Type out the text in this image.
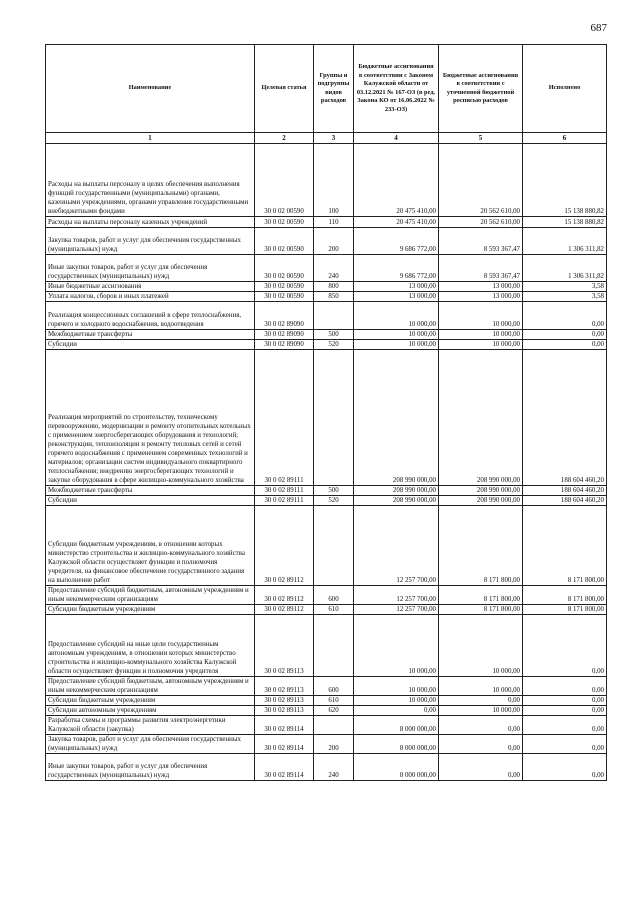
687
Наименование	Целевая статья	Группы и подгруппы видов расходов	Бюджетные ассигнования в соответствии с Законом Калужской области от 03.12.2021 № 167-ОЗ (в ред. Закона КО от 16.06.2022 № 233-ОЗ)	Бюджетные ассигнования в соответствии с уточненной бюджетной росписью расходов	Исполнено
1	2	3	4	5	6
Расходы на выплаты персоналу в целях обеспечения выполнения функций государственными (муниципальными) органами, казенными учреждениями, органами управления государственными внебюджетными фондами	30 0 02 00590	100	20 475 410,00	20 562 610,00	15 138 880,82
Расходы на выплаты персоналу казенных учреждений	30 0 02 00590	110	20 475 410,00	20 562 610,00	15 138 880,82
Закупка товаров, работ и услуг для обеспечения государственных (муниципальных) нужд	30 0 02 00590	200	9 686 772,00	8 593 367,47	1 306 311,82
Иные закупки товаров, работ и услуг для обеспечения государственных (муниципальных) нужд	30 0 02 00590	240	9 686 772,00	8 593 367,47	1 306 311,82
Иные бюджетные ассигнования	30 0 02 00590	800	13 000,00	13 000,00	3,58
Уплата налогов, сборов и иных платежей	30 0 02 00590	850	13 000,00	13 000,00	3,58
Реализация концессионных соглашений в сфере теплоснабжения, горячего и холодного водоснабжения, водоотведения	30 0 02 89090		10 000,00	10 000,00	0,00
Межбюджетные трансферты	30 0 02 89090	500	10 000,00	10 000,00	0,00
Субсидии	30 0 02 89090	520	10 000,00	10 000,00	0,00
Реализация мероприятий по строительству, техническому перевооружению, модернизации и ремонту отопительных котельных с применением энергосберегающих оборудования и технологий; реконструкции, теплоизоляции и ремонту тепловых сетей и сетей горячего водоснабжения с применением современных технологий и материалов; организации систем индивидуального поквартирного теплоснабжения; внедрению энергосберегающих технологий и закупке оборудования в сфере жилищно-коммунального хозяйства	30 0 02 89111		208 990 000,00	208 990 000,00	188 604 460,20
Межбюджетные трансферты	30 0 02 89111	500	208 990 000,00	208 990 000,00	188 604 460,20
Субсидии	30 0 02 89111	520	208 990 000,00	208 990 000,00	188 604 460,20
Субсидии бюджетным учреждениям, в отношении которых министерство строительства и жилищно-коммунального хозяйства Калужской области осуществляет функции и полномочия учредителя, на финансовое обеспечение государственного задания на выполнение работ	30 0 02 89112		12 257 700,00	8 171 800,00	8 171 800,00
Предоставление субсидий бюджетным, автономным учреждениям и иным некоммерческим организациям	30 0 02 89112	600	12 257 700,00	8 171 800,00	8 171 800,00
Субсидии бюджетным учреждениям	30 0 02 89112	610	12 257 700,00	8 171 800,00	8 171 800,00
Предоставление субсидий на иные цели государственным автономным учреждениям, в отношении которых министерство строительства и жилищно-коммунального хозяйства Калужской области осуществляет функции и полномочия учредителя	30 0 02 89113		10 000,00	10 000,00	0,00
Предоставление субсидий бюджетным, автономным учреждениям и иным некоммерческим организациям	30 0 02 89113	600	10 000,00	10 000,00	0,00
Субсидии бюджетным учреждениям	30 0 02 89113	610	10 000,00	0,00	0,00
Субсидии автономным учреждениям	30 0 02 89113	620	0,00	10 000,00	0,00
Разработка схемы и программы развития электроэнергетики Калужской области (закупка)	30 0 02 89114		8 000 000,00	0,00	0,00
Закупка товаров, работ и услуг для обеспечения государственных (муниципальных) нужд	30 0 02 89114	200	8 000 000,00	0,00	0,00
Иные закупки товаров, работ и услуг для обеспечения государственных (муниципальных) нужд	30 0 02 89114	240	8 000 000,00	0,00	0,00
